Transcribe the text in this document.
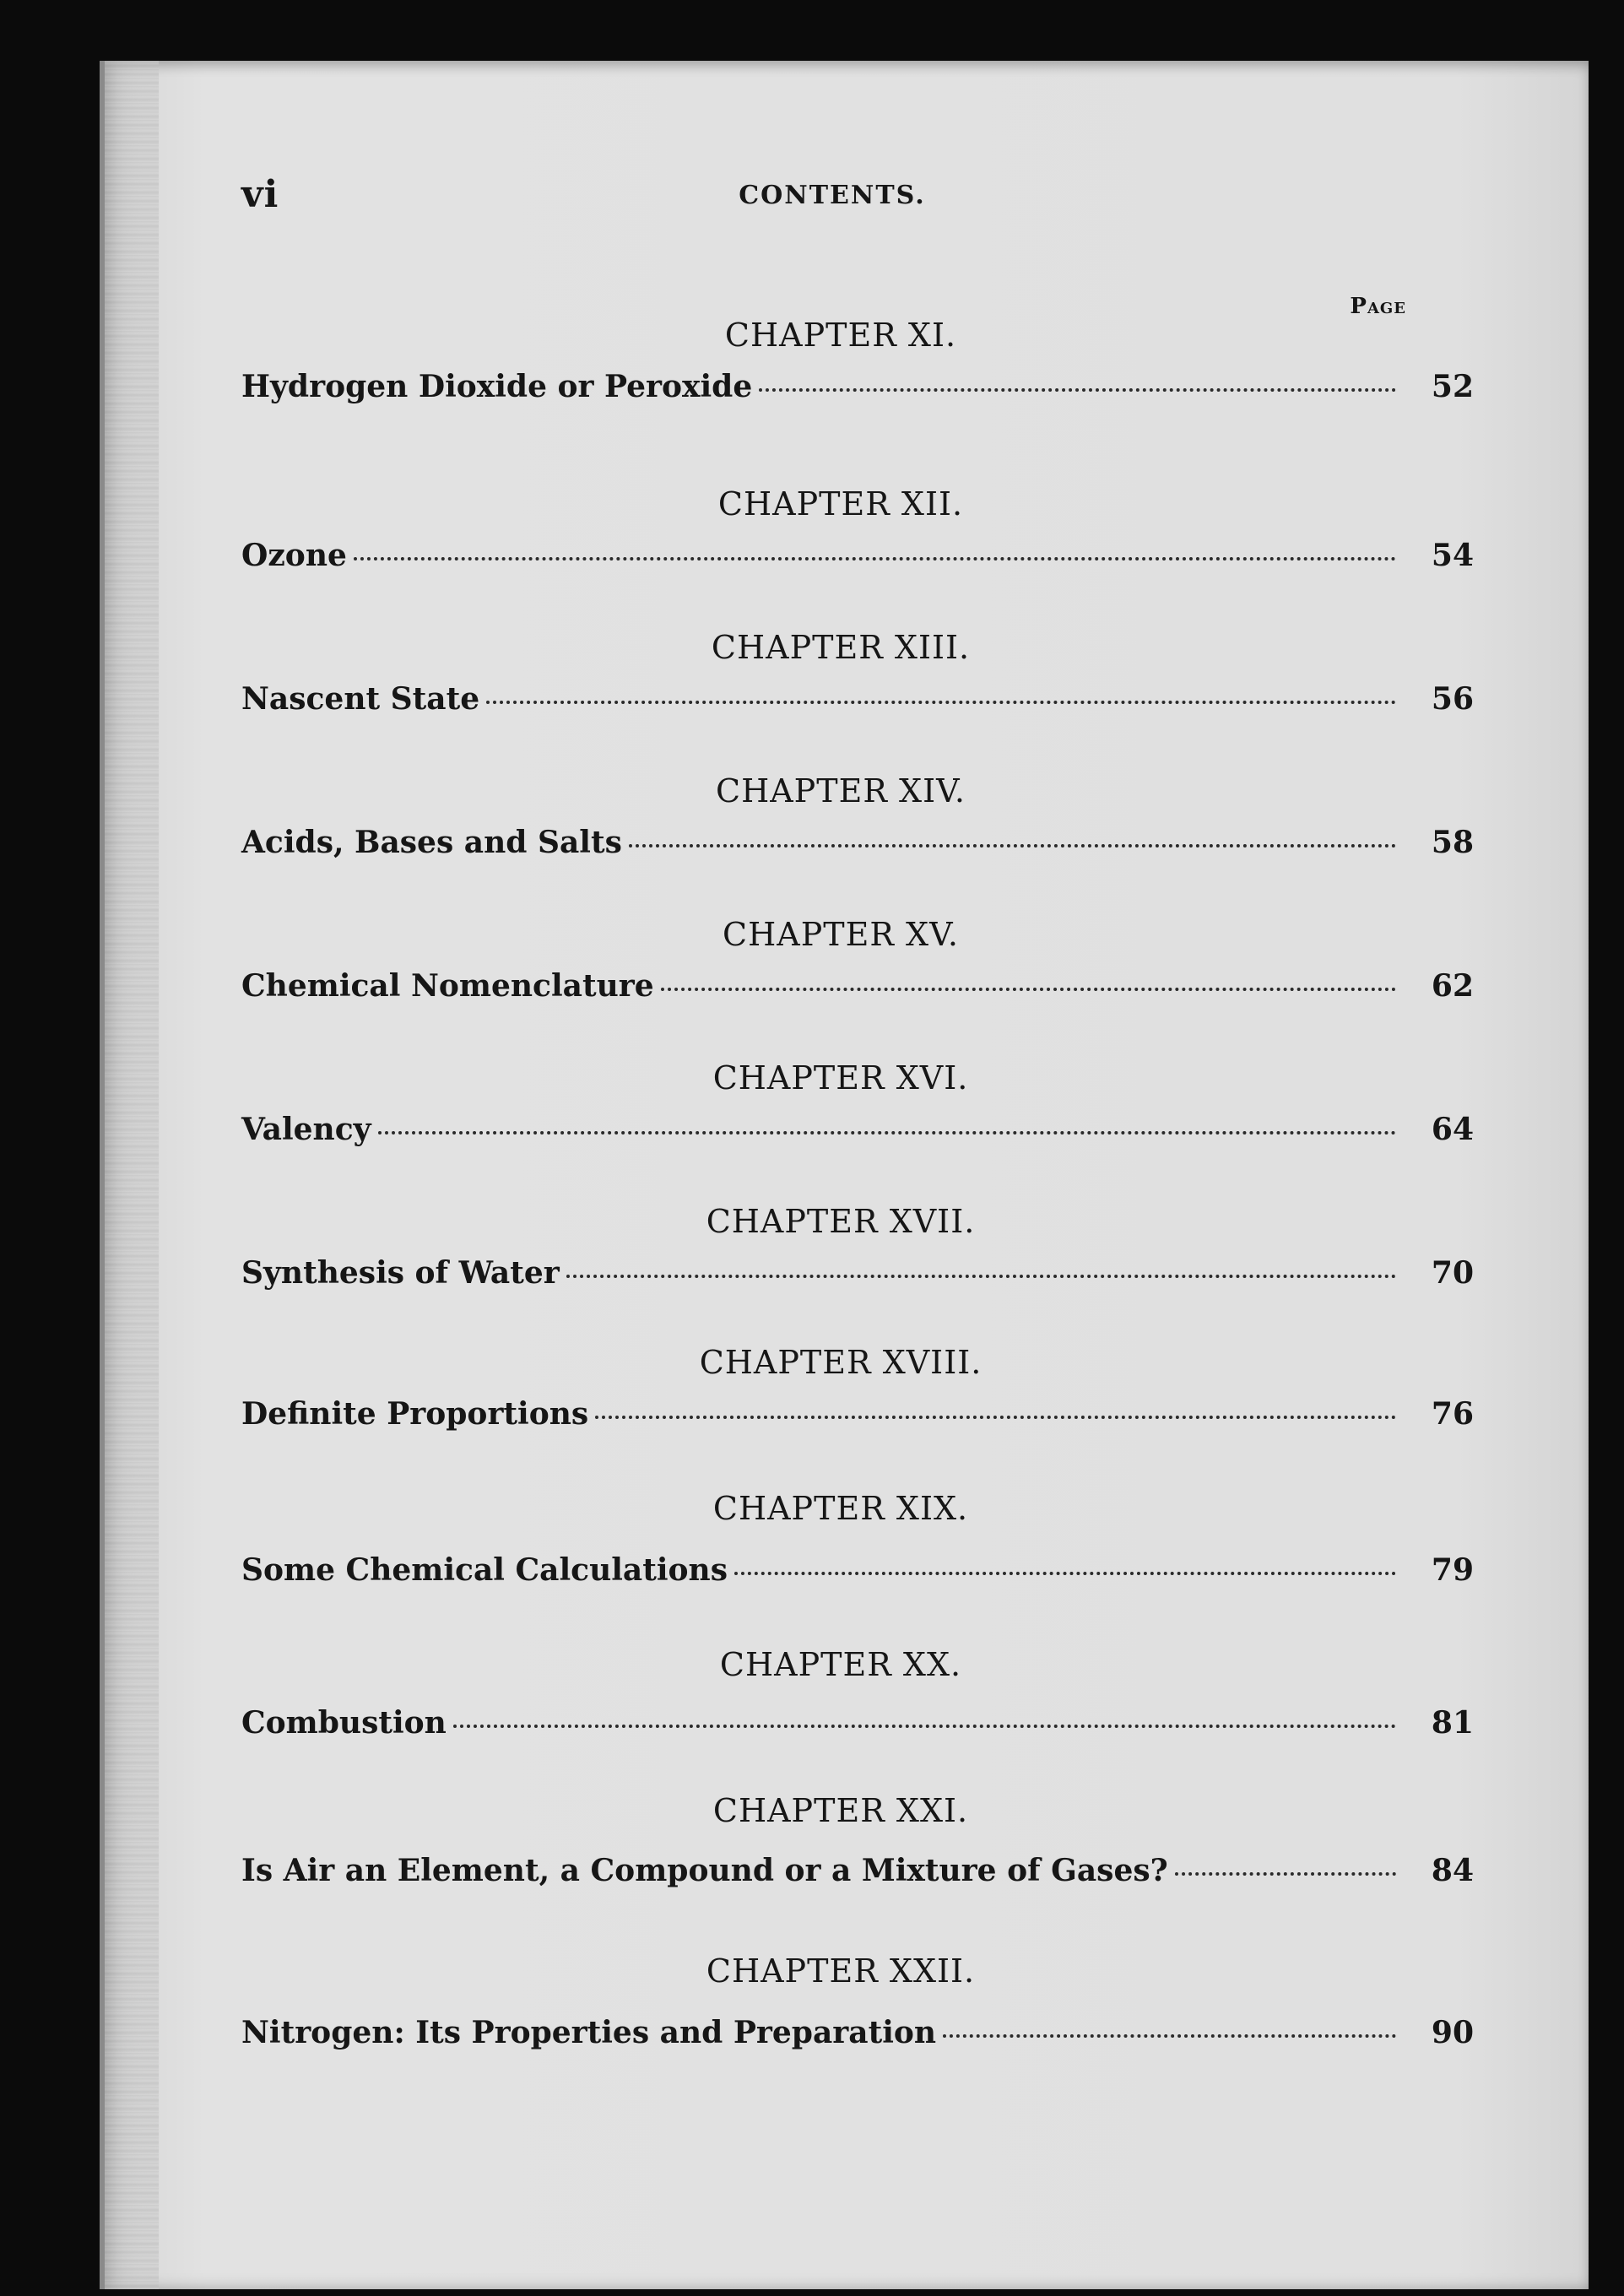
vi	CONTENTS.
Page
CHAPTER XI.
Hydrogen Dioxide or Peroxide	52
CHAPTER XII.
Ozone	54
CHAPTER XIII.
Nascent State	56
CHAPTER XIV.
Acids, Bases and Salts	58
CHAPTER XV.
Chemical Nomenclature	62
CHAPTER XVI.
Valency	64
CHAPTER XVII.
Synthesis of Water	70
CHAPTER XVIII.
Definite Proportions	76
CHAPTER XIX.
Some Chemical Calculations	79
CHAPTER XX.
Combustion	81
CHAPTER XXI.
Is Air an Element, a Compound or a Mixture of Gases?	84
CHAPTER XXII.
Nitrogen: Its Properties and Preparation	90
